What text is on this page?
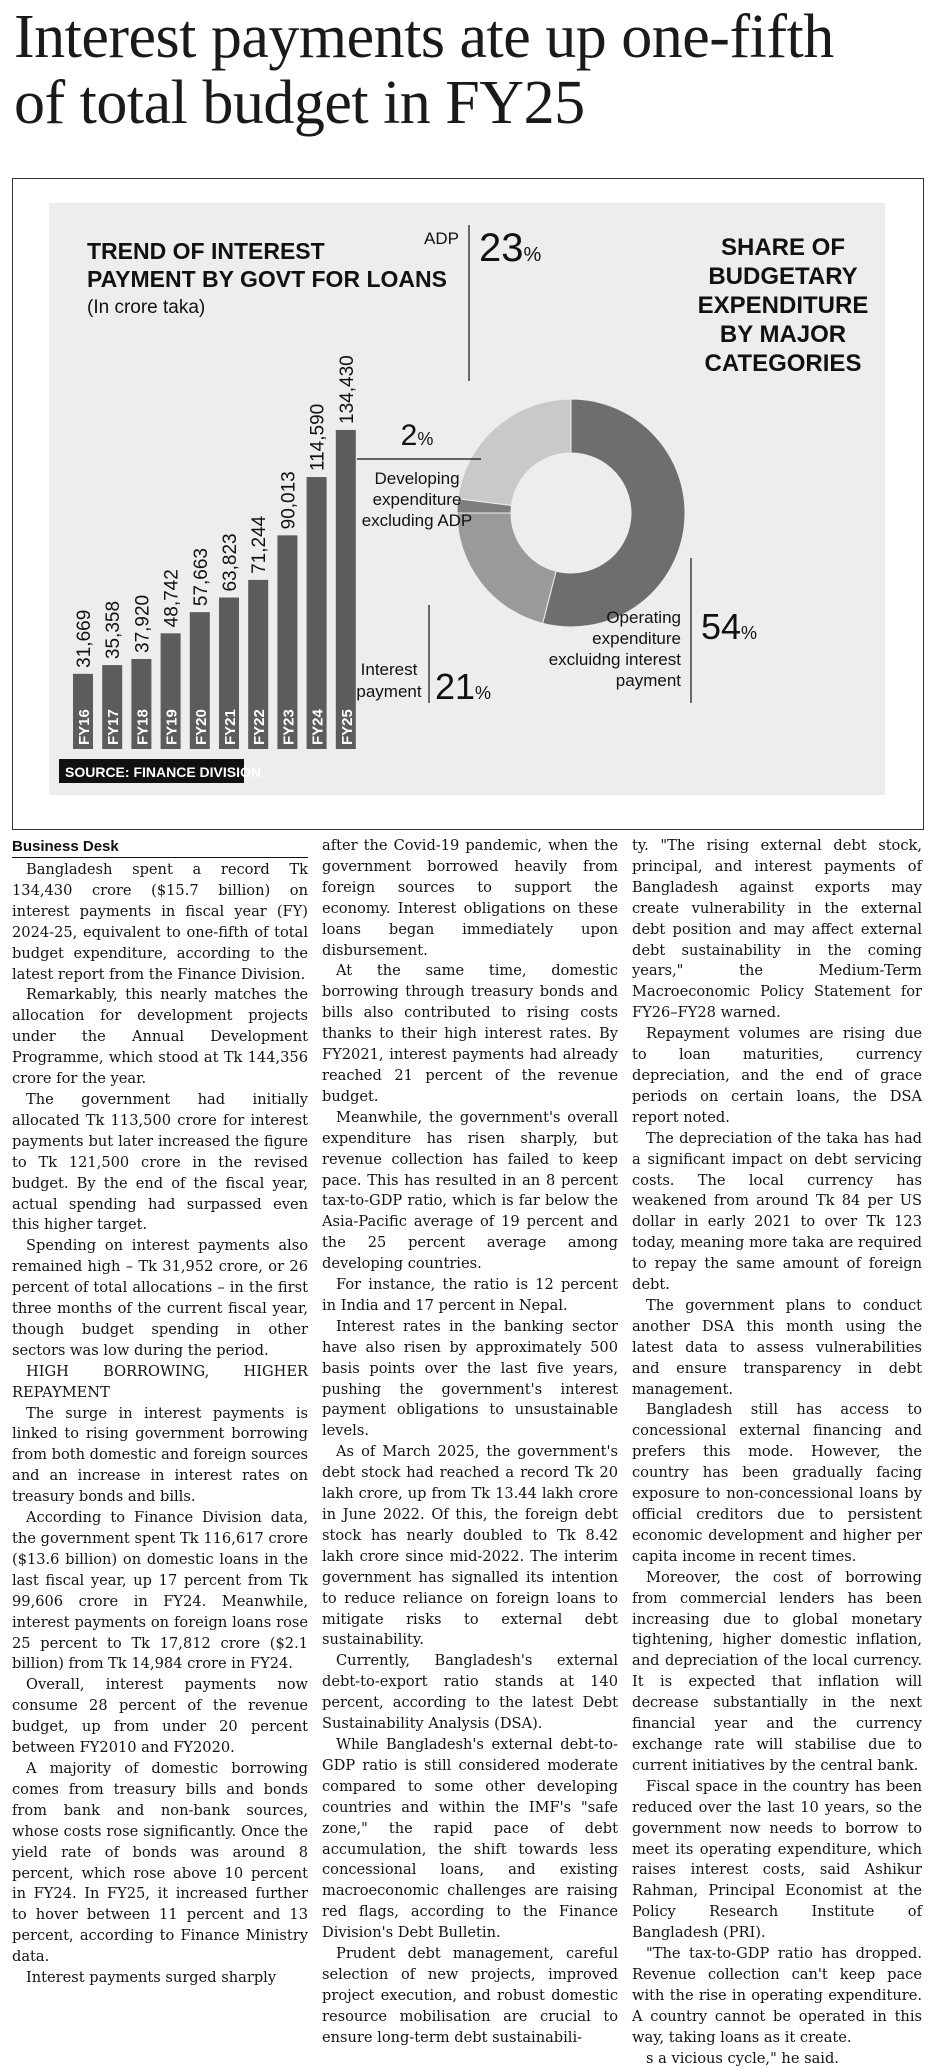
Interest payments ate up one-fifth
of total budget in FY25
TREND OF INTEREST
PAYMENT BY GOVT FOR LOANS
(In crore taka)
FY16
31,669
FY17
35,358
FY18
37,920
FY19
48,742
FY20
57,663
FY21
63,823
FY22
71,244
FY23
90,013
FY24
114,590
FY25
134,430
SOURCE: FINANCE DIVISION
SHARE OF
BUDGETARY
EXPENDITURE
BY MAJOR
CATEGORIES
ADP 23%
2%
Developing
expenditure
excluding ADP
Interest
payment 21%
Operating
expenditure
excluidng interest
payment
54%

Business Desk

Bangladesh spent a record Tk 134,430 crore ($15.7 billion) on interest payments in fiscal year (FY) 2024-25, equivalent to one-fifth of total budget expenditure, according to the latest report from the Finance Division.

Remarkably, this nearly matches the allocation for development projects under the Annual Development Programme, which stood at Tk 144,356 crore for the year.

The government had initially allocated Tk 113,500 crore for interest payments but later increased the figure to Tk 121,500 crore in the revised budget. By the end of the fiscal year, actual spending had surpassed even this higher target.

Spending on interest payments also remained high – Tk 31,952 crore, or 26 percent of total allocations – in the first three months of the current fiscal year, though budget spending in other sectors was low during the period.

HIGH BORROWING, HIGHER REPAYMENT

The surge in interest payments is linked to rising government borrowing from both domestic and foreign sources and an increase in interest rates on treasury bonds and bills.

According to Finance Division data, the government spent Tk 116,617 crore ($13.6 billion) on domestic loans in the last fiscal year, up 17 percent from Tk 99,606 crore in FY24. Meanwhile, interest payments on foreign loans rose 25 percent to Tk 17,812 crore ($2.1 billion) from Tk 14,984 crore in FY24.

Overall, interest payments now consume 28 percent of the revenue budget, up from under 20 percent between FY2010 and FY2020.

A majority of domestic borrowing comes from treasury bills and bonds from bank and non-bank sources, whose costs rose significantly. Once the yield rate of bonds was around 8 percent, which rose above 10 percent in FY24. In FY25, it increased further to hover between 11 percent and 13 percent, according to Finance Ministry data.

Interest payments surged sharply

after the Covid-19 pandemic, when the government borrowed heavily from foreign sources to support the economy. Interest obligations on these loans began immediately upon disbursement.

At the same time, domestic borrowing through treasury bonds and bills also contributed to rising costs thanks to their high interest rates. By FY2021, interest payments had already reached 21 percent of the revenue budget.

Meanwhile, the government's overall expenditure has risen sharply, but revenue collection has failed to keep pace. This has resulted in an 8 percent tax-to-GDP ratio, which is far below the Asia-Pacific average of 19 percent and the 25 percent average among developing countries.

For instance, the ratio is 12 percent in India and 17 percent in Nepal.

Interest rates in the banking sector have also risen by approximately 500 basis points over the last five years, pushing the government's interest payment obligations to unsustainable levels.

As of March 2025, the government's debt stock had reached a record Tk 20 lakh crore, up from Tk 13.44 lakh crore in June 2022. Of this, the foreign debt stock has nearly doubled to Tk 8.42 lakh crore since mid-2022. The interim government has signalled its intention to reduce reliance on foreign loans to mitigate risks to external debt sustainability.

Currently, Bangladesh's external debt-to-export ratio stands at 140 percent, according to the latest Debt Sustainability Analysis (DSA).

While Bangladesh's external debt-to-GDP ratio is still considered moderate compared to some other developing countries and within the IMF's "safe zone," the rapid pace of debt accumulation, the shift towards less concessional loans, and existing macroeconomic challenges are raising red flags, according to the Finance Division's Debt Bulletin.

Prudent debt management, careful selection of new projects, improved project execution, and robust domestic resource mobilisation are crucial to ensure long-term debt sustainabili-

ty. "The rising external debt stock, principal, and interest payments of Bangladesh against exports may create vulnerability in the external debt position and may affect external debt sustainability in the coming years," the Medium-Term Macroeconomic Policy Statement for FY26–FY28 warned.

Repayment volumes are rising due to loan maturities, currency depreciation, and the end of grace periods on certain loans, the DSA report noted.

The depreciation of the taka has had a significant impact on debt servicing costs. The local currency has weakened from around Tk 84 per US dollar in early 2021 to over Tk 123 today, meaning more taka are required to repay the same amount of foreign debt.

The government plans to conduct another DSA this month using the latest data to assess vulnerabilities and ensure transparency in debt management.

Bangladesh still has access to concessional external financing and prefers this mode. However, the country has been gradually facing exposure to non-concessional loans by official creditors due to persistent economic development and higher per capita income in recent times.

Moreover, the cost of borrowing from commercial lenders has been increasing due to global monetary tightening, higher domestic inflation, and depreciation of the local currency. It is expected that inflation will decrease substantially in the next financial year and the currency exchange rate will stabilise due to current initiatives by the central bank.

Fiscal space in the country has been reduced over the last 10 years, so the government now needs to borrow to meet its operating expenditure, which raises interest costs, said Ashikur Rahman, Principal Economist at the Policy Research Institute of Bangladesh (PRI).

"The tax-to-GDP ratio has dropped. Revenue collection can't keep pace with the rise in operating expenditure. A country cannot be operated in this way, taking loans as it create.

s a vicious cycle," he said.
